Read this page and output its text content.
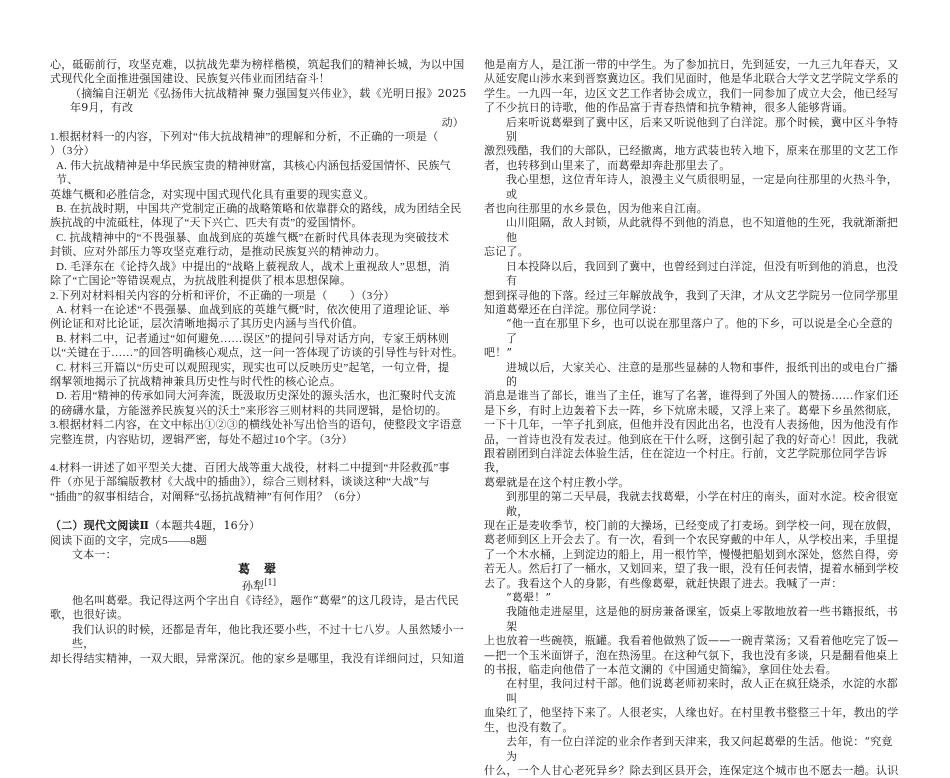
心，砥砺前行，攻坚克难，以抗战先辈为榜样楷模，筑起我们的精神长城，为以中国
式现代化全面推进强国建设、民族复兴伟业而团结奋斗！
（摘编自汪朝光《弘扬伟大抗战精神 聚力强国复兴伟业》，载《光明日报》2025年9月，有改
动）
1.根据材料一的内容，下列对“伟大抗战精神”的理解和分析，不正确的一项是（
）（3分）
A. 伟大抗战精神是中华民族宝贵的精神财富，其核心内涵包括爱国情怀、民族气节、
英雄气概和必胜信念，对实现中国式现代化具有重要的现实意义。
B. 在抗战时期，中国共产党制定正确的战略策略和依靠群众的路线，成为团结全民
族抗战的中流砥柱，体现了“天下兴亡、匹夫有责”的爱国情怀。
C. 抗战精神中的“不畏强暴、血战到底的英雄气概”在新时代具体表现为突破技术
封锁、应对外部压力等攻坚克难行动，是推动民族复兴的精神动力。
D. 毛泽东在《论持久战》中提出的“战略上藐视敌人，战术上重视敌人”思想，消
除了“亡国论”等错误观点，为抗战胜利提供了根本思想保障。
2.下列对材料相关内容的分析和评价，不正确的一项是（　　）（3分）
A. 材料一在论述“不畏强暴、血战到底的英雄气概”时，依次使用了道理论证、举
例论证和对比论证，层次清晰地揭示了其历史内涵与当代价值。
B. 材料二中，记者通过“如何避免……误区”的提问引导对话方向，专家王炳林则
以“关键在于……”的回答明确核心观点，这一问一答体现了访谈的引导性与针对性。
C. 材料三开篇以“历史可以观照现实，现实也可以反映历史”起笔，一句立骨，提
纲挈领地揭示了抗战精神兼具历史性与时代性的核心论点。
D. 若用“精神的传承如同大河奔流，既汲取历史深处的源头活水，也汇聚时代支流
的磅礴水量，方能滋养民族复兴的沃土”来形容三则材料的共同逻辑，是恰切的。
3.根据材料二内容，在文中标出①②③的横线处补写出恰当的语句，使整段文字语意
完整连贯，内容贴切，逻辑严密，每处不超过10个字。（3分）
4.材料一讲述了如平型关大捷、百团大战等重大战役，材料二中提到“井陉救孤”事
件（亦见于部编版教材《大战中的插曲》），综合三则材料，谈谈这种“大战”与
“插曲”的叙事相结合，对阐释“弘扬抗战精神”有何作用？（6分）
（二）现代文阅读Ⅱ（本题共4题，16分）
阅读下面的文字，完成5——8题
文本一：
葛翚
孙犁[1]
他名叫葛翚。我记得这两个字出自《诗经》，题作“葛翚”的这几段诗，是古代民
歌，也很好读。
我们认识的时候，还都是青年，他比我还要小些，不过十七八岁。人虽然矮小一些，
却长得结实精神，一双大眼，异常深沉。他的家乡是哪里，我没有详细问过，只知道
他是南方人，是江浙一带的中学生。为了参加抗日，先到延安，一九三九年春天，又
从延安爬山涉水来到晋察冀边区。我们见面时，他是华北联合大学文艺学院文学系的
学生。一九四一年，边区文艺工作者协会成立，我们一同参加了成立大会，他已经写
了不少抗日的诗歌，他的作品富于青春热情和抗争精神，很多人能够背诵。
后来听说葛翚到了冀中区，后来又听说他到了白洋淀。那个时候，冀中区斗争特别
激烈残酷，我们的大部队，已经撤离，地方武装也转入地下，原来在那里的文艺工作
者，也转移到山里来了，而葛翚却奔赴那里去了。
我心里想，这位青年诗人，浪漫主义气质很明显，一定是向往那里的火热斗争，或
者也向往那里的水乡景色，因为他来自江南。
山川阻隔，敌人封锁，从此就得不到他的消息，也不知道他的生死，我就渐渐把他
忘记了。
日本投降以后，我回到了冀中，也曾经到过白洋淀，但没有听到他的消息，也没有
想到探寻他的下落。经过三年解放战争，我到了天津，才从文艺学院另一位同学那里
知道葛翚还在白洋淀。那位同学说：
“他一直在那里下乡，也可以说在那里落户了。他的下乡，可以说是全心全意的了
吧！”
进城以后，大家关心、注意的是那些显赫的人物和事件，报纸刊出的或电台广播的
消息是谁当了部长，谁当了主任，谁写了名著，谁得到了外国人的赞扬……作家们还
是下乡，有时上边轰着下去一阵，乡下炕席未暖，又浮上来了。葛翚下乡虽然彻底，
一下十几年，一竿子扎到底，但他并没有因此出名，也没有人表扬他，因为他没有作
品，一首诗也没有发表过。他到底在干什么呀，这倒引起了我的好奇心！因此，我就
跟着剧团到白洋淀去体验生活，住在淀边一个村庄。行前，文艺学院那位同学告诉我，
葛翚就是在这个村庄教小学。
到那里的第二天早晨，我就去找葛翚，小学在村庄的南头，面对水淀。校舍很宽敞，
现在正是麦收季节，校门前的大操场，已经变成了打麦场。到学校一问，现在放假，
葛老师到区上开会去了。有一次，看到一个农民穿戴的中年人，从学校出来，手里提
了一个木水桶，上到淀边的船上，用一根竹竿，慢慢把船划到水深处，悠然自得，旁
若无人。然后打了一桶水，又划回来，望了我一眼，没有任何表情，提着水桶到学校
去了。我看这个人的身影，有些像葛翚，就赶快跟了进去。我喊了一声：
“葛翚！”
我随他走进屋里，这是他的厨房兼备课室，饭桌上零散地放着一些书籍报纸，书架
上也放着一些碗筷，瓶罐。我看着他做熟了饭——一碗青菜汤；又看着他吃完了饭—
—把一个玉米面饼子，泡在热汤里。在这种气氛下，我也没有多谈，只是翻看他桌上
的书报，临走向他借了一本范文澜的《中国通史简编》，拿回住处去看。
在村里，我问过村干部。他们说葛老师初来时，敌人正在疯狂烧杀，水淀的水都叫
血染红了，他坚持下来了。人很老实，人缘也好。在村里教书整整三十年，教出的学
生，也没有数了。
去年，有一位白洋淀的业余作者到天津来，我又问起葛翚的生活。他说：“究竟为
什么，一个人甘心老死异乡？除去到区县开会，连保定这个城市也不愿去一趟。认识
